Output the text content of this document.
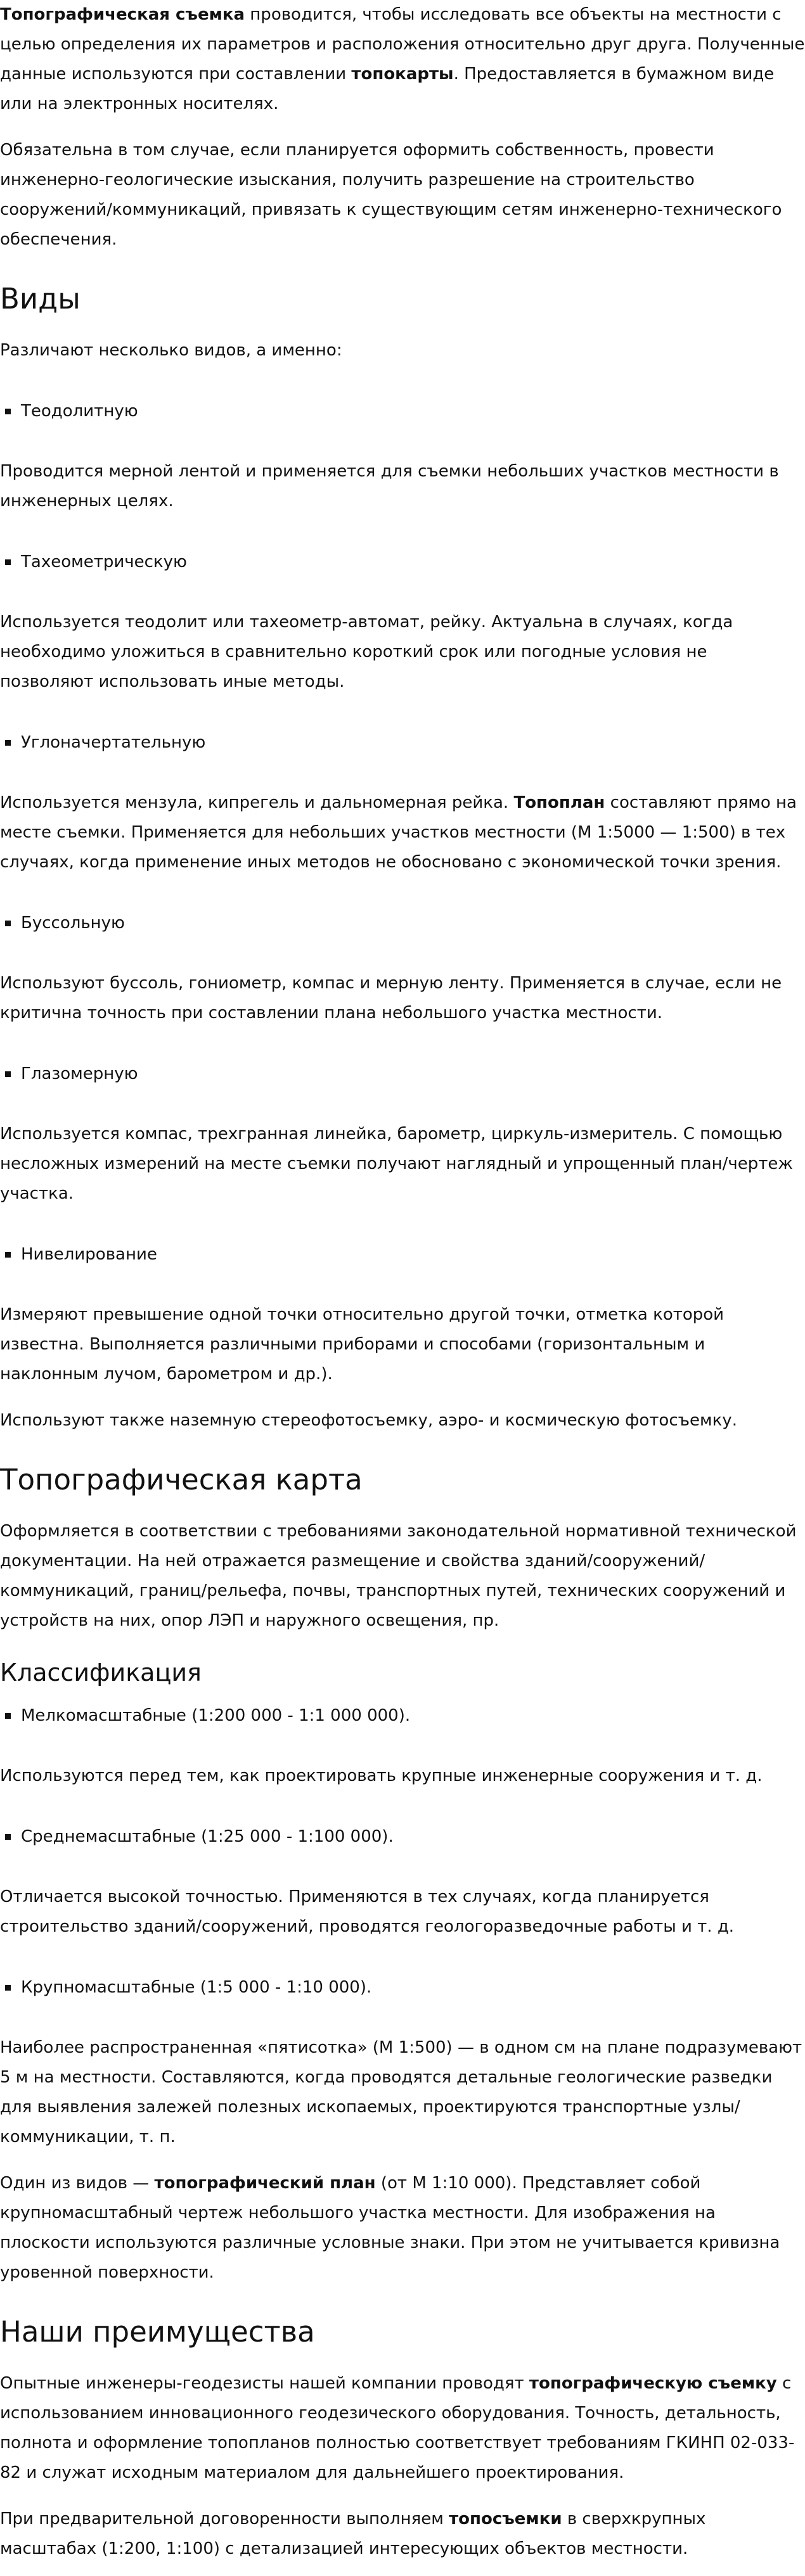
Топографическая съемка проводится, чтобы исследовать все объекты на местности с целью определения их параметров и расположения относительно друг друга. Полученные данные используются при составлении топокарты. Предоставляется в бумажном виде или на электронных носителях.

Обязательна в том случае, если планируется оформить собственность, провести инженерно-геологические изыскания, получить разрешение на строительство сооружений/коммуникаций, привязать к существующим сетям инженерно-технического обеспечения.

Виды

Различают несколько видов, а именно:

Теодолитную

Проводится мерной лентой и применяется для съемки небольших участков местности в инженерных целях.

Тахеометрическую

Используется теодолит или тахеометр-автомат, рейку. Актуальна в случаях, когда необходимо уложиться в сравнительно короткий срок или погодные условия не позволяют использовать иные методы.

Углоначертательную

Используется мензула, кипрегель и дальномерная рейка. Топоплан составляют прямо на месте съемки. Применяется для небольших участков местности (М 1:5000 — 1:500) в тех случаях, когда применение иных методов не обосновано с экономической точки зрения.

Буссольную

Используют буссоль, гониометр, компас и мерную ленту. Применяется в случае, если не критична точность при составлении плана небольшого участка местности.

Глазомерную

Используется компас, трехгранная линейка, барометр, циркуль-измеритель. С помощью несложных измерений на месте съемки получают наглядный и упрощенный план/чертеж участка.

Нивелирование

Измеряют превышение одной точки относительно другой точки, отметка которой известна. Выполняется различными приборами и способами (горизонтальным и наклонным лучом, барометром и др.).

Используют также наземную стереофотосъемку, аэро- и космическую фотосъемку.

Топографическая карта

Оформляется в соответствии с требованиями законодательной нормативной технической документации. На ней отражается размещение и свойства зданий/сооружений/коммуникаций, границ/рельефа, почвы, транспортных путей, технических сооружений и устройств на них, опор ЛЭП и наружного освещения, пр.

Классификация
Мелкомасштабные (1:200 000 - 1:1 000 000).

Используются перед тем, как проектировать крупные инженерные сооружения и т. д.

Среднемасштабные (1:25 000 - 1:100 000).

Отличается высокой точностью. Применяются в тех случаях, когда планируется строительство зданий/сооружений, проводятся геологоразведочные работы и т. д.

Крупномасштабные (1:5 000 - 1:10 000).

Наиболее распространенная «пятисотка» (М 1:500) — в одном см на плане подразумевают 5 м на местности. Составляются, когда проводятся детальные геологические разведки для выявления залежей полезных ископаемых, проектируются транспортные узлы/коммуникации, т. п.

Один из видов — топографический план (от М 1:10 000). Представляет собой крупномасштабный чертеж небольшого участка местности. Для изображения на плоскости используются различные условные знаки. При этом не учитывается кривизна уровенной поверхности.

Наши преимущества

Опытные инженеры-геодезисты нашей компании проводят топографическую съемку с использованием инновационного геодезического оборудования. Точность, детальность, полнота и оформление топопланов полностью соответствует требованиям ГКИНП 02-033-82 и служат исходным материалом для дальнейшего проектирования.

При предварительной договоренности выполняем топосъемки в сверхкрупных масштабах (1:200, 1:100) с детализацией интересующих объектов местности.
